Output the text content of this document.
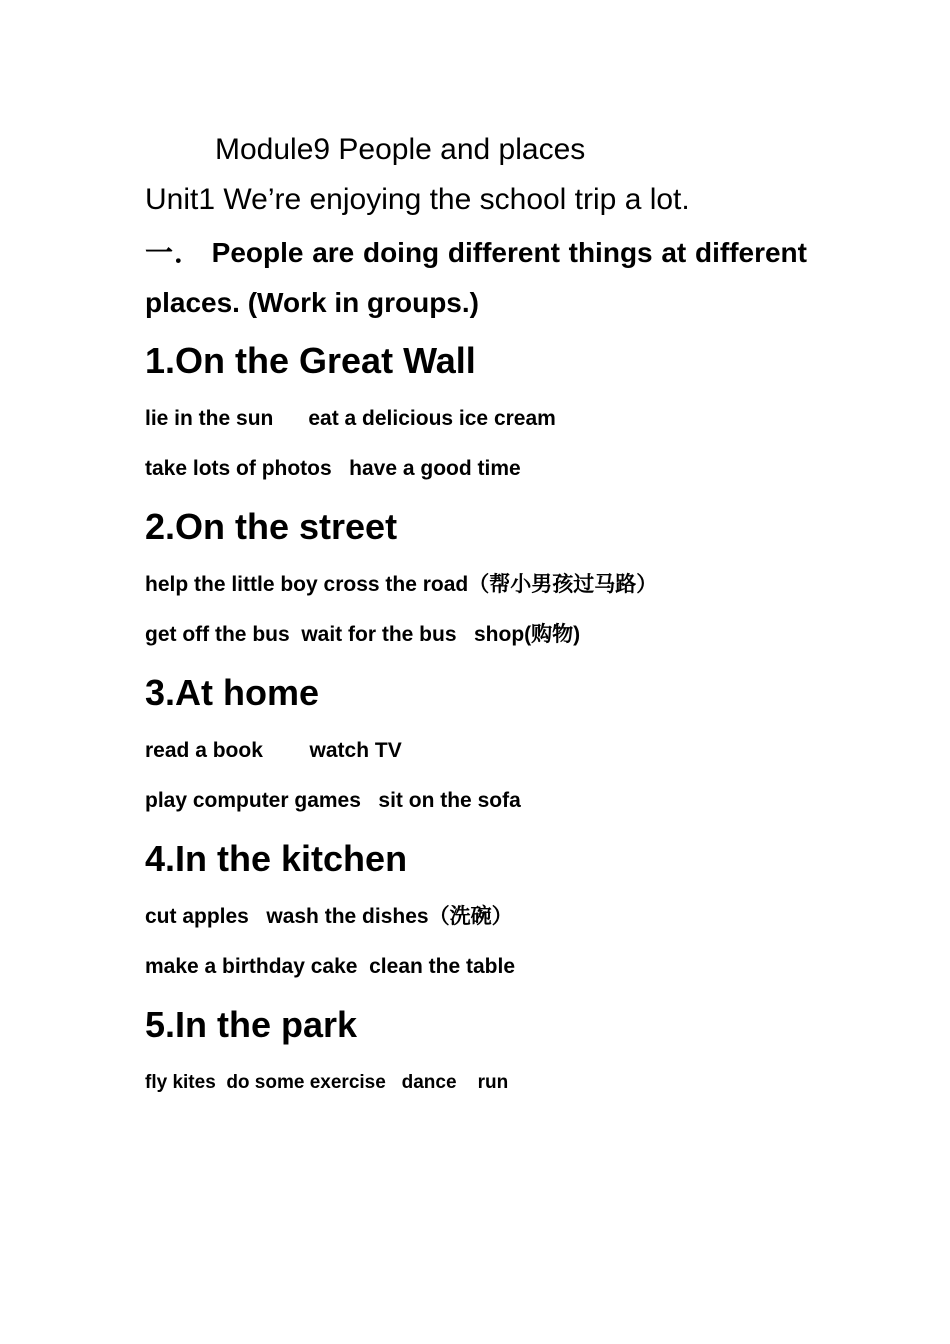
Module9 People and places

Unit1 We’re enjoying the school trip a lot.

一． People are doing different things at different places. (Work in groups.)

1.On the Great Wall

lie in the sun      eat a delicious ice cream

take lots of photos   have a good time

2.On the street

help the little boy cross the road（帮小男孩过马路）

get off the bus  wait for the bus   shop(购物)

3.At home

read a book        watch TV

play computer games   sit on the sofa

4.In the kitchen

cut apples   wash the dishes（洗碗）

make a birthday cake  clean the table

5.In the park

fly kites  do some exercise   dance    run
